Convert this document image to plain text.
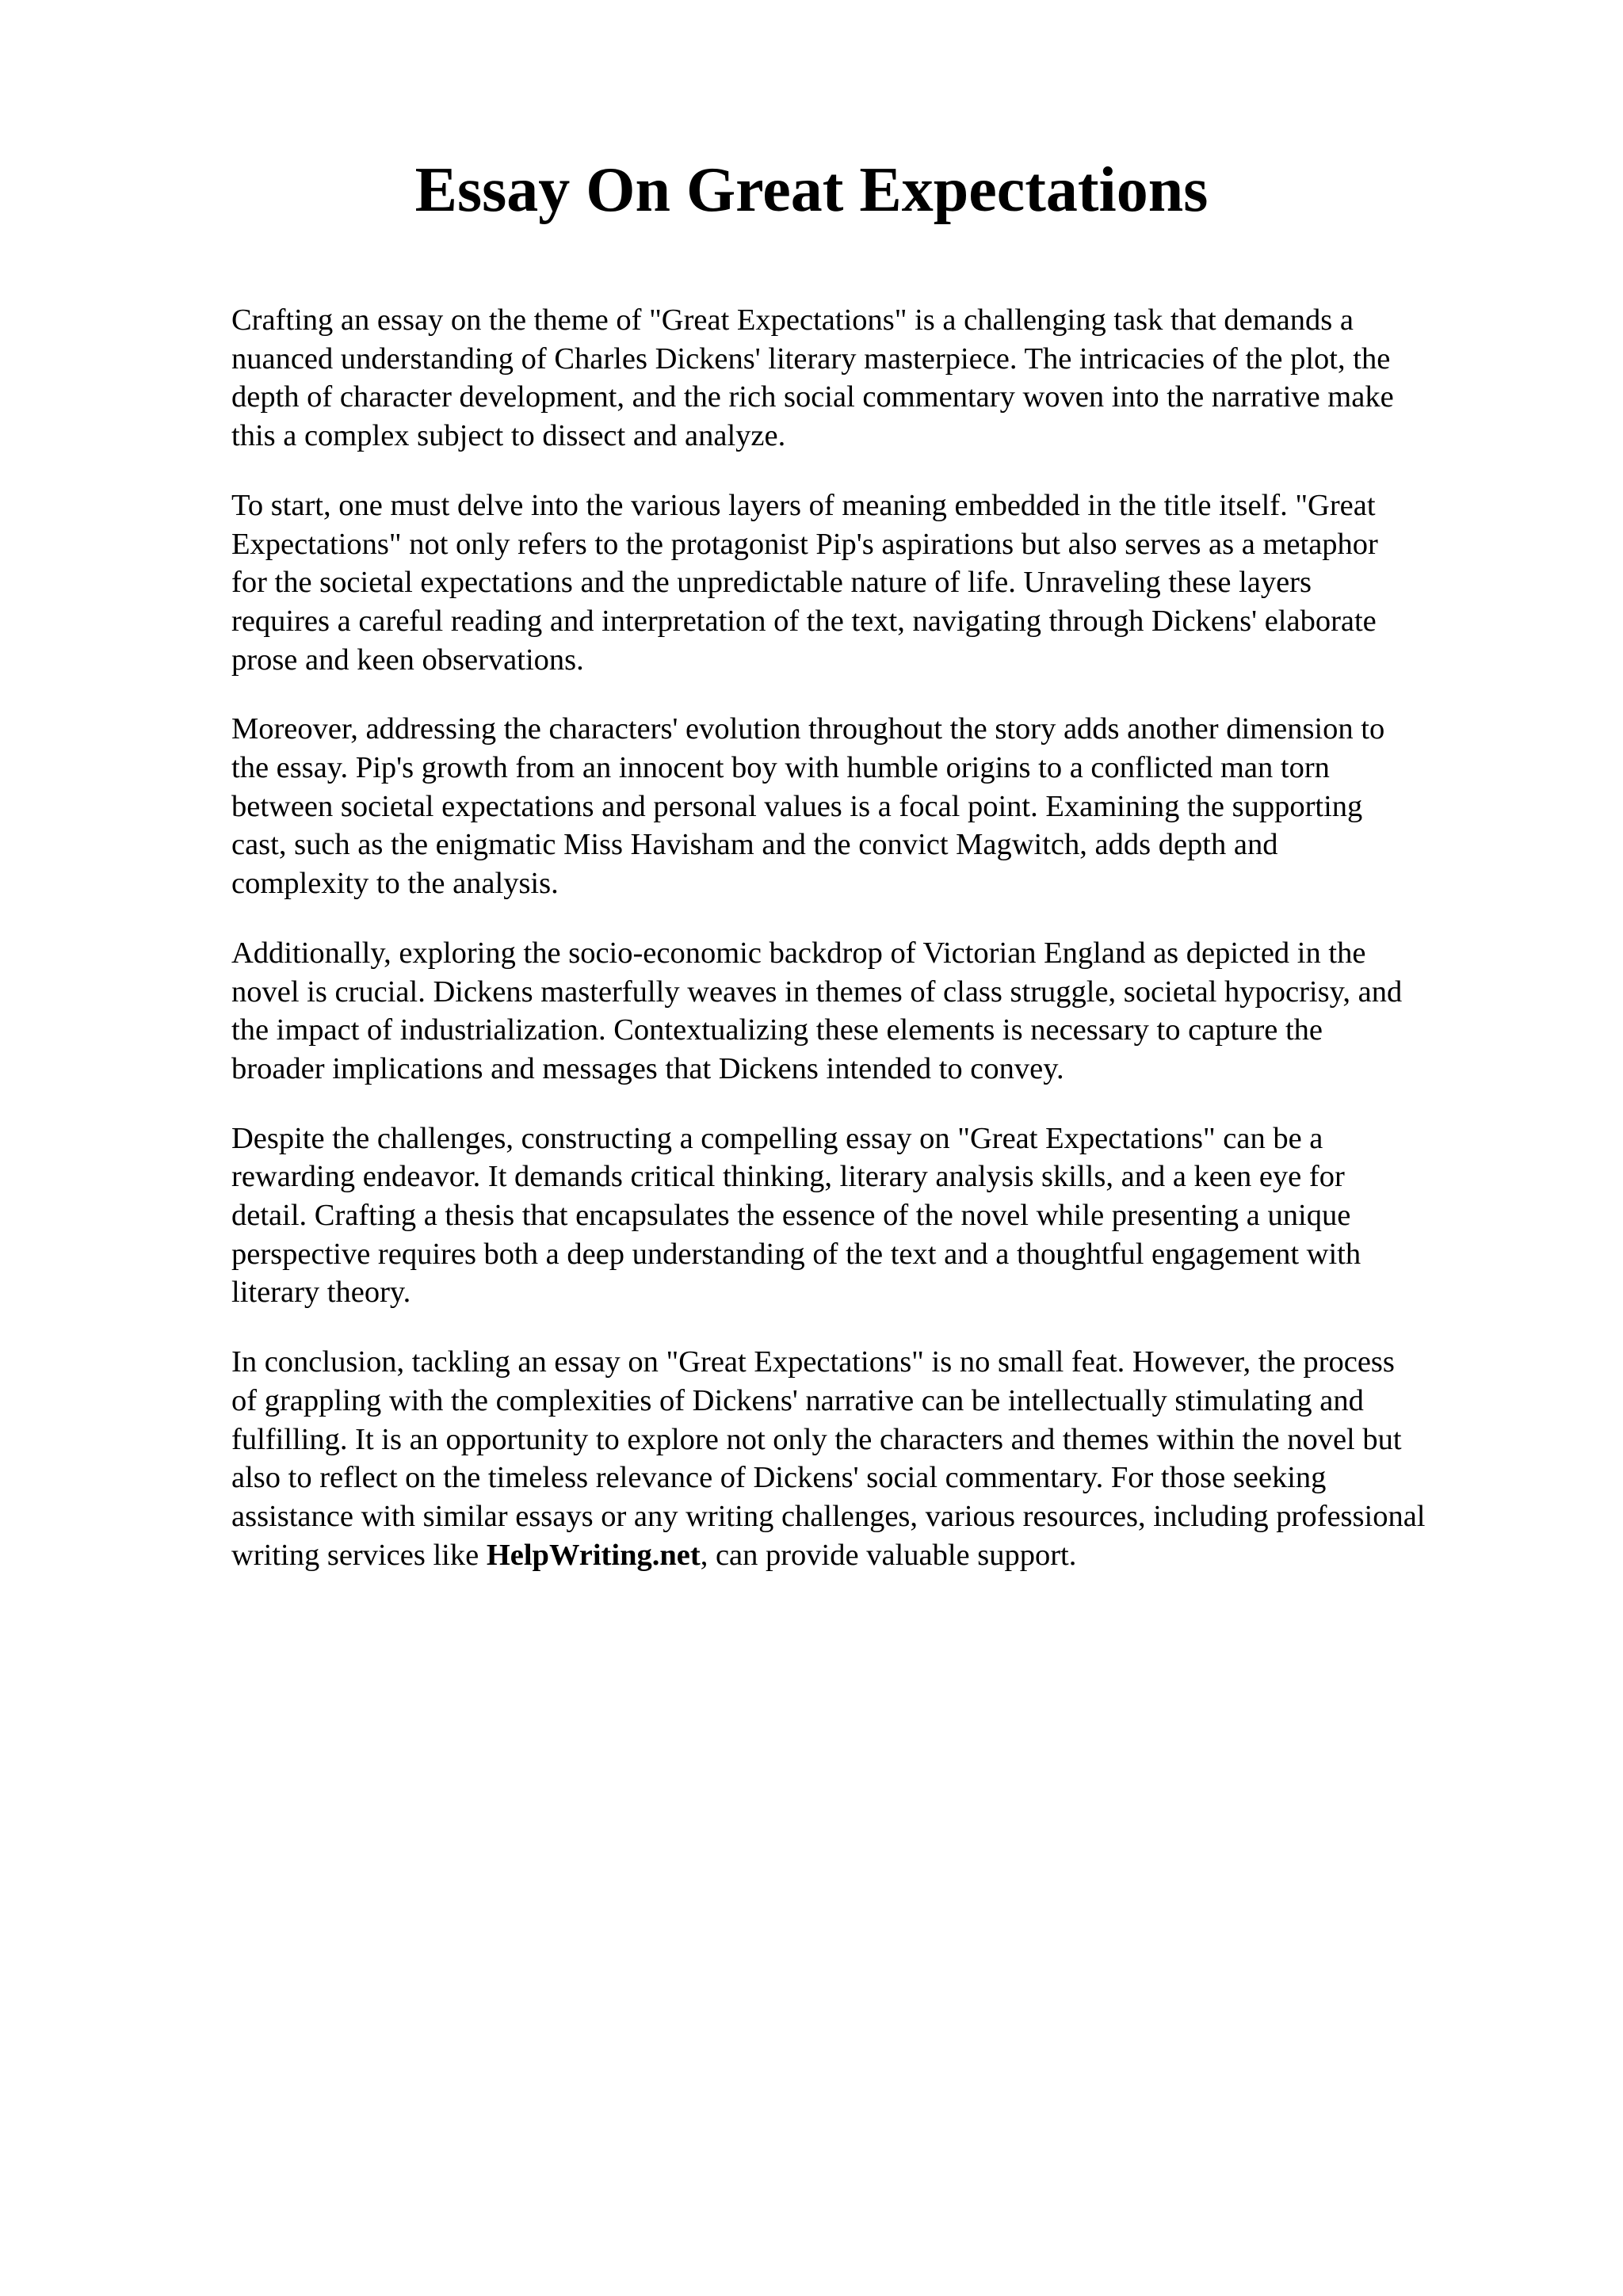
Essay On Great Expectations

Crafting an essay on the theme of "Great Expectations" is a challenging task that demands a
nuanced understanding of Charles Dickens' literary masterpiece. The intricacies of the plot, the
depth of character development, and the rich social commentary woven into the narrative make
this a complex subject to dissect and analyze.

To start, one must delve into the various layers of meaning embedded in the title itself. "Great
Expectations" not only refers to the protagonist Pip's aspirations but also serves as a metaphor
for the societal expectations and the unpredictable nature of life. Unraveling these layers
requires a careful reading and interpretation of the text, navigating through Dickens' elaborate
prose and keen observations.

Moreover, addressing the characters' evolution throughout the story adds another dimension to
the essay. Pip's growth from an innocent boy with humble origins to a conflicted man torn
between societal expectations and personal values is a focal point. Examining the supporting
cast, such as the enigmatic Miss Havisham and the convict Magwitch, adds depth and
complexity to the analysis.

Additionally, exploring the socio-economic backdrop of Victorian England as depicted in the
novel is crucial. Dickens masterfully weaves in themes of class struggle, societal hypocrisy, and
the impact of industrialization. Contextualizing these elements is necessary to capture the
broader implications and messages that Dickens intended to convey.

Despite the challenges, constructing a compelling essay on "Great Expectations" can be a
rewarding endeavor. It demands critical thinking, literary analysis skills, and a keen eye for
detail. Crafting a thesis that encapsulates the essence of the novel while presenting a unique
perspective requires both a deep understanding of the text and a thoughtful engagement with
literary theory.

In conclusion, tackling an essay on "Great Expectations" is no small feat. However, the process
of grappling with the complexities of Dickens' narrative can be intellectually stimulating and
fulfilling. It is an opportunity to explore not only the characters and themes within the novel but
also to reflect on the timeless relevance of Dickens' social commentary. For those seeking
assistance with similar essays or any writing challenges, various resources, including professional
writing services like HelpWriting.net, can provide valuable support.
